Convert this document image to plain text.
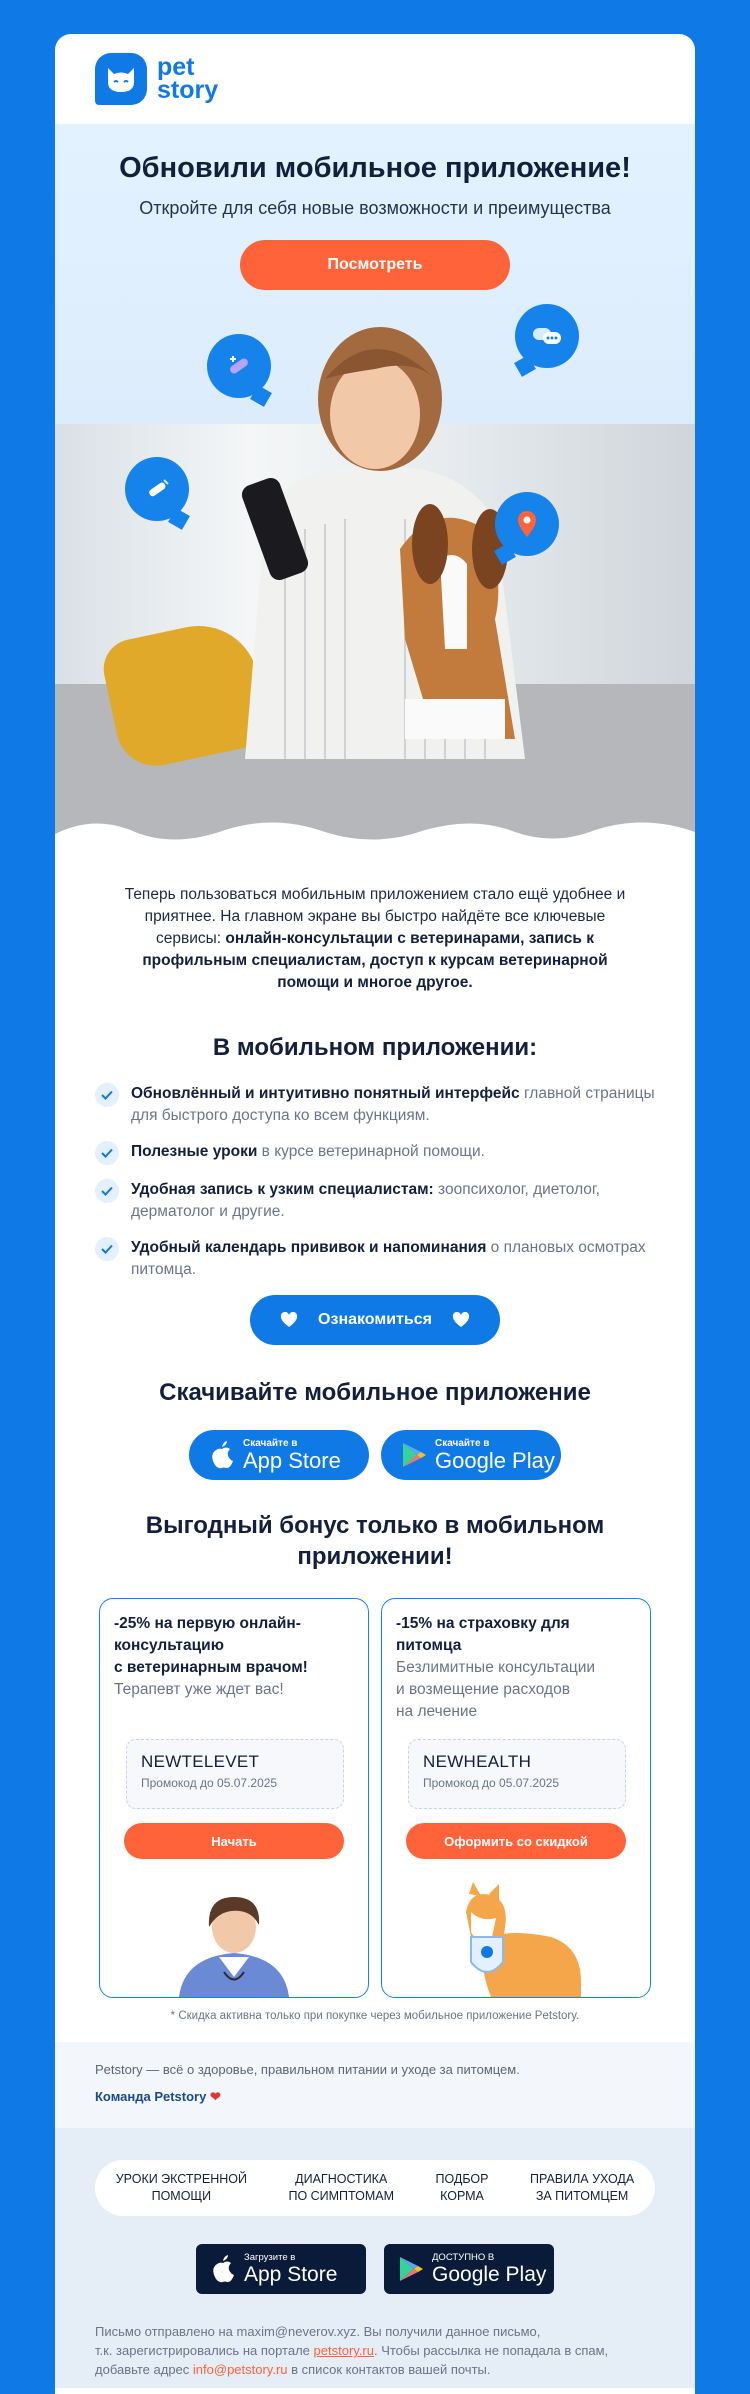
pet
story
Обновили мобильное приложение!
Откройте для себя новые возможности и преимущества
Посмотреть
Теперь пользоваться мобильным приложением стало ещё удобнее и приятнее. На главном экране вы быстро найдёте все ключевые сервисы: онлайн-консультации с ветеринарами, запись к профильным специалистам, доступ к курсам ветеринарной помощи и многое другое.
В мобильном приложении:
Обновлённый и интуитивно понятный интерфейс главной страницы для быстрого доступа ко всем функциям.
Полезные уроки в курсе ветеринарной помощи.
Удобная запись к узким специалистам: зоопсихолог, диетолог, дерматолог и другие.
Удобный календарь прививок и напоминания о плановых осмотрах питомца.
Ознакомиться
Скачивайте мобильное приложение
Скачайте в
App Store
Скачайте в
Google Play
Выгодный бонус только в мобильном приложении!
-25% на первую онлайн-консультацию
с ветеринарным врачом!
Терапевт уже ждет вас!
NEWTELEVET
Промокод до 05.07.2025
Начать
-15% на страховку для питомца
Безлимитные консультации
и возмещение расходов
на лечение
NEWHEALTH
Промокод до 05.07.2025
Оформить со скидкой
* Скидка активна только при покупке через мобильное приложение Petstory.
Petstory — всё о здоровье, правильном питании и уходе за питомцем.
Команда Petstory ❤
УРОКИ ЭКСТРЕННОЙ
ПОМОЩИ
ДИАГНОСТИКА
ПО СИМПТОМАМ
ПОДБОР
КОРМА
ПРАВИЛА УХОДА
ЗА ПИТОМЦЕМ
Загрузите в
App Store
ДОСТУПНО В
Google Play
Письмо отправлено на maxim@neverov.xyz. Вы получили данное письмо,
т.к. зарегистрировались на портале petstory.ru. Чтобы рассылка не попадала в спам,
добавьте адрес info@petstory.ru в список контактов вашей почты.
